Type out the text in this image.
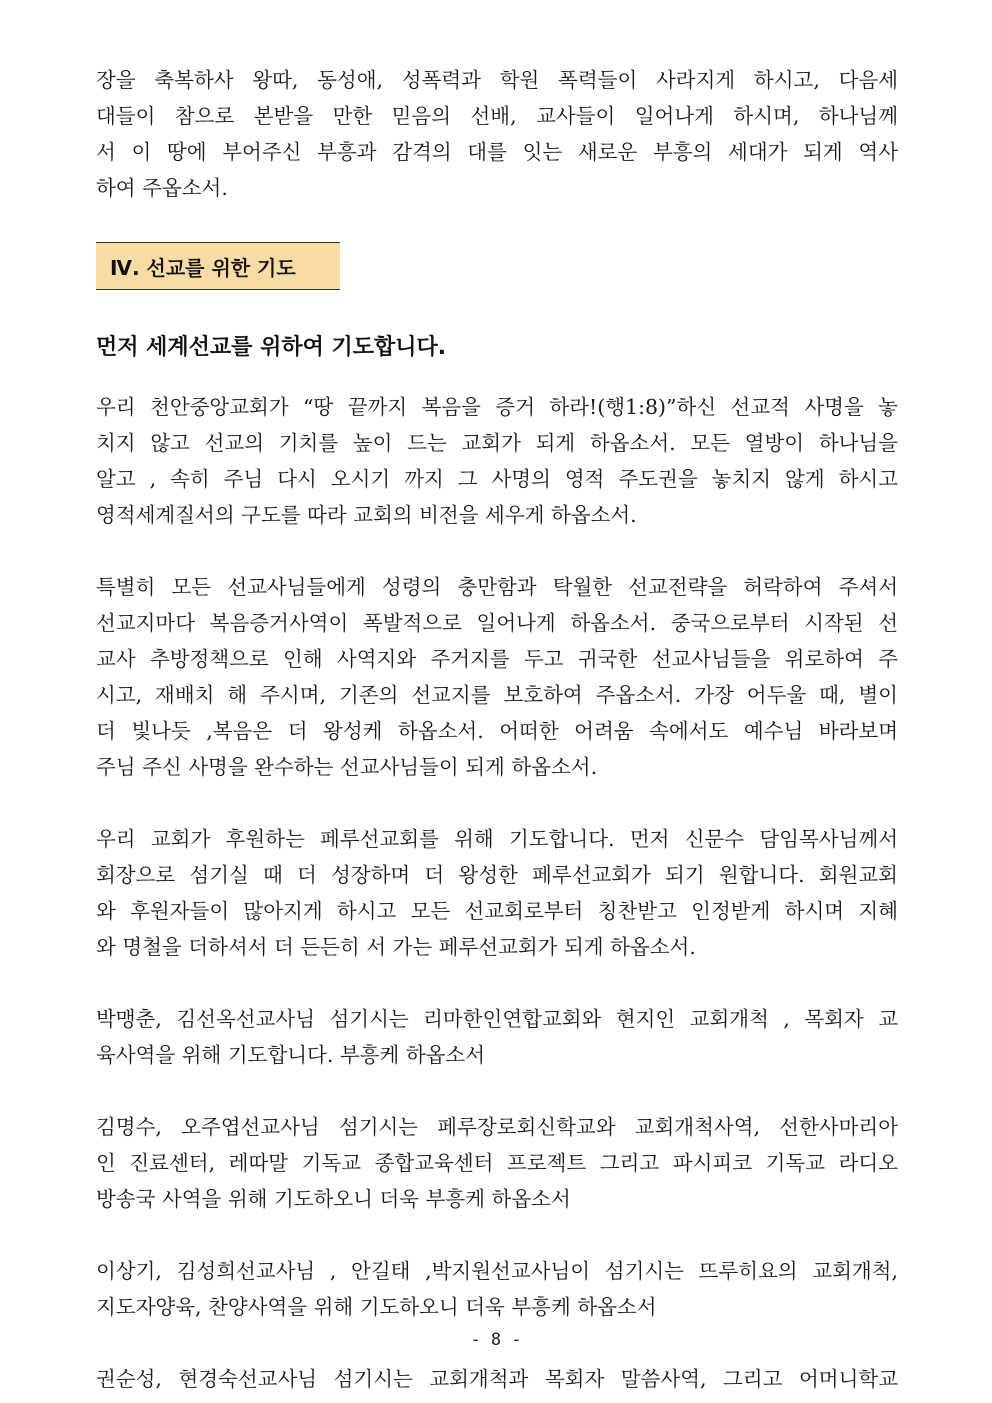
장을 축복하사 왕따, 동성애, 성폭력과 학원 폭력들이 사라지게 하시고, 다음세
대들이 참으로 본받을 만한 믿음의 선배, 교사들이 일어나게 하시며, 하나님께
서 이 땅에 부어주신 부흥과 감격의 대를 잇는 새로운 부흥의 세대가 되게 역사
하여 주옵소서.
Ⅳ. 선교를 위한 기도
먼저 세계선교를 위하여 기도합니다.
우리 천안중앙교회가 “땅 끝까지 복음을 증거 하라!(행1:8)”하신 선교적 사명을 놓
치지 않고 선교의 기치를 높이 드는 교회가 되게 하옵소서. 모든 열방이 하나님을
알고 , 속히 주님 다시 오시기 까지 그 사명의 영적 주도권을 놓치지 않게 하시고
영적세계질서의 구도를 따라 교회의 비전을 세우게 하옵소서.
특별히 모든 선교사님들에게 성령의 충만함과 탁월한 선교전략을 허락하여 주셔서
선교지마다 복음증거사역이 폭발적으로 일어나게 하옵소서. 중국으로부터 시작된 선
교사 추방정책으로 인해 사역지와 주거지를 두고 귀국한 선교사님들을 위로하여 주
시고, 재배치 해 주시며, 기존의 선교지를 보호하여 주옵소서. 가장 어두울 때, 별이
더 빛나듯 ,복음은 더 왕성케 하옵소서. 어떠한 어려움 속에서도 예수님 바라보며
주님 주신 사명을 완수하는 선교사님들이 되게 하옵소서.
우리 교회가 후원하는 페루선교회를 위해 기도합니다. 먼저 신문수 담임목사님께서
회장으로 섬기실 때 더 성장하며 더 왕성한 페루선교회가 되기 원합니다. 회원교회
와 후원자들이 많아지게 하시고 모든 선교회로부터 칭찬받고 인정받게 하시며 지혜
와 명철을 더하셔서 더 든든히 서 가는 페루선교회가 되게 하옵소서.
박맹춘, 김선옥선교사님 섬기시는 리마한인연합교회와 현지인 교회개척 , 목회자 교
육사역을 위해 기도합니다. 부흥케 하옵소서
김명수, 오주엽선교사님 섬기시는 페루장로회신학교와 교회개척사역, 선한사마리아
인 진료센터, 레따말 기독교 종합교육센터 프로젝트 그리고 파시피코 기독교 라디오
방송국 사역을 위해 기도하오니 더욱 부흥케 하옵소서
이상기, 김성희선교사님 , 안길태 ,박지원선교사님이 섬기시는 뜨루히요의 교회개척,
지도자양육, 찬양사역을 위해 기도하오니 더욱 부흥케 하옵소서
권순성, 현경숙선교사님 섬기시는 교회개척과 목회자 말씀사역, 그리고 어머니학교
- 8 -
